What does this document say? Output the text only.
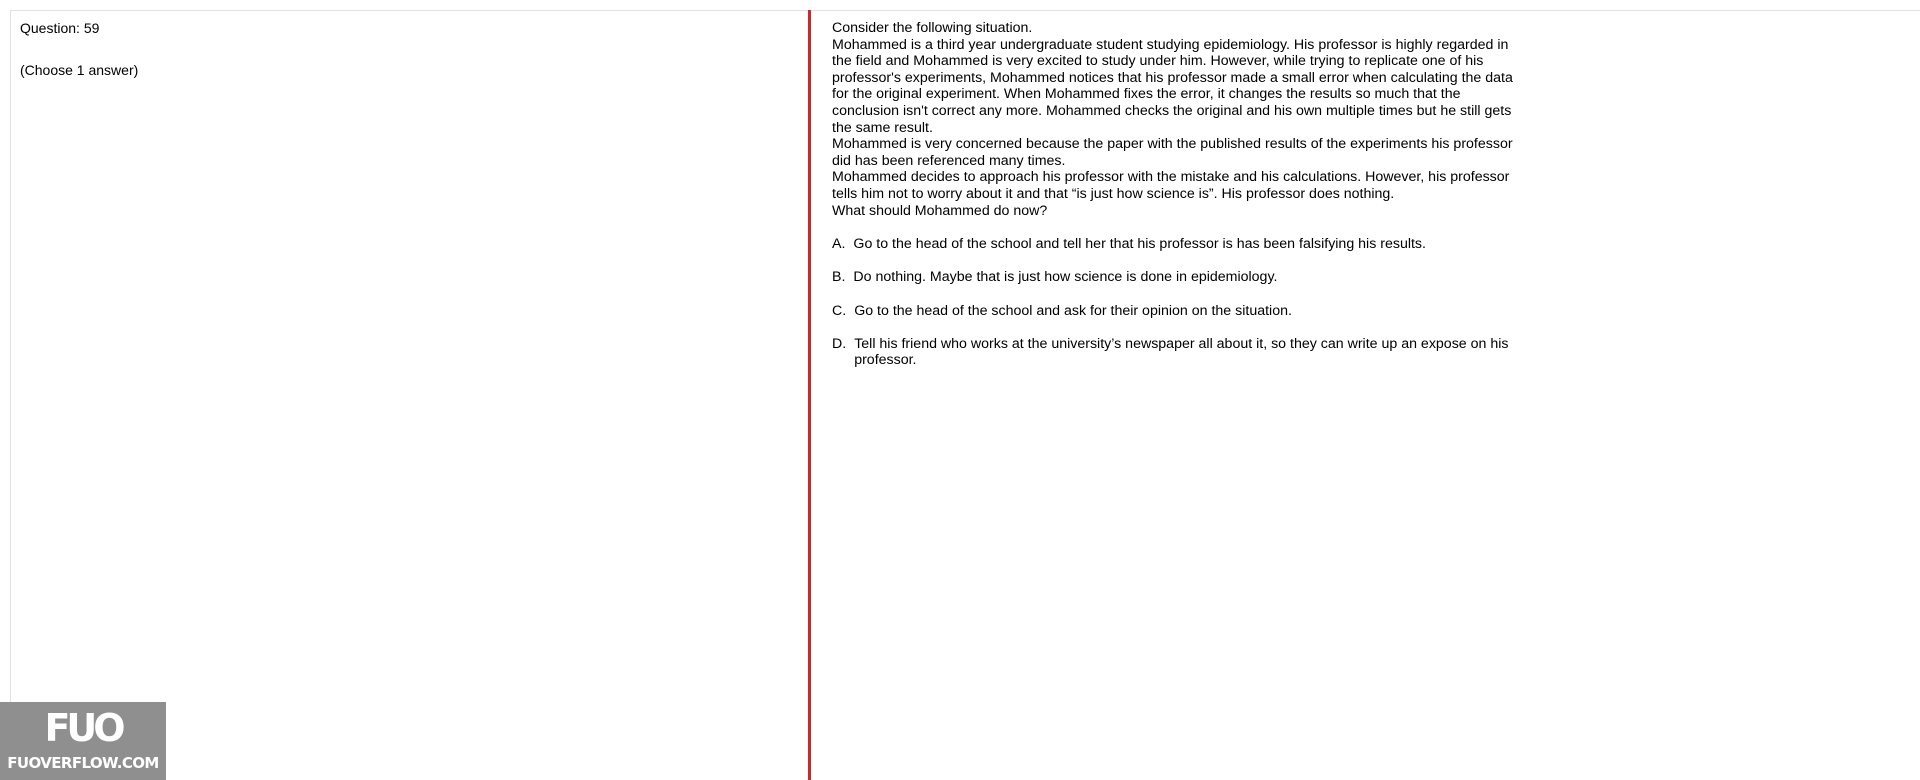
Question: 59
(Choose 1 answer)

Consider the following situation.

Mohammed is a third year undergraduate student studying epidemiology. His professor is highly regarded in

the field and Mohammed is very excited to study under him. However, while trying to replicate one of his

professor's experiments, Mohammed notices that his professor made a small error when calculating the data

for the original experiment. When Mohammed fixes the error, it changes the results so much that the

conclusion isn't correct any more. Mohammed checks the original and his own multiple times but he still gets

the same result.

Mohammed is very concerned because the paper with the published results of the experiments his professor

did has been referenced many times.

Mohammed decides to approach his professor with the mistake and his calculations. However, his professor

tells him not to worry about it and that “is just how science is”. His professor does nothing.

What should Mohammed do now?

A. Go to the head of the school and tell her that his professor is has been falsifying his results.
B. Do nothing. Maybe that is just how science is done in epidemiology.
C. Go to the head of the school and ask for their opinion on the situation.
D. Tell his friend who works at the university’s newspaper all about it, so they can write up an expose on his professor.
FUO
FUOVERFLOW.COM
